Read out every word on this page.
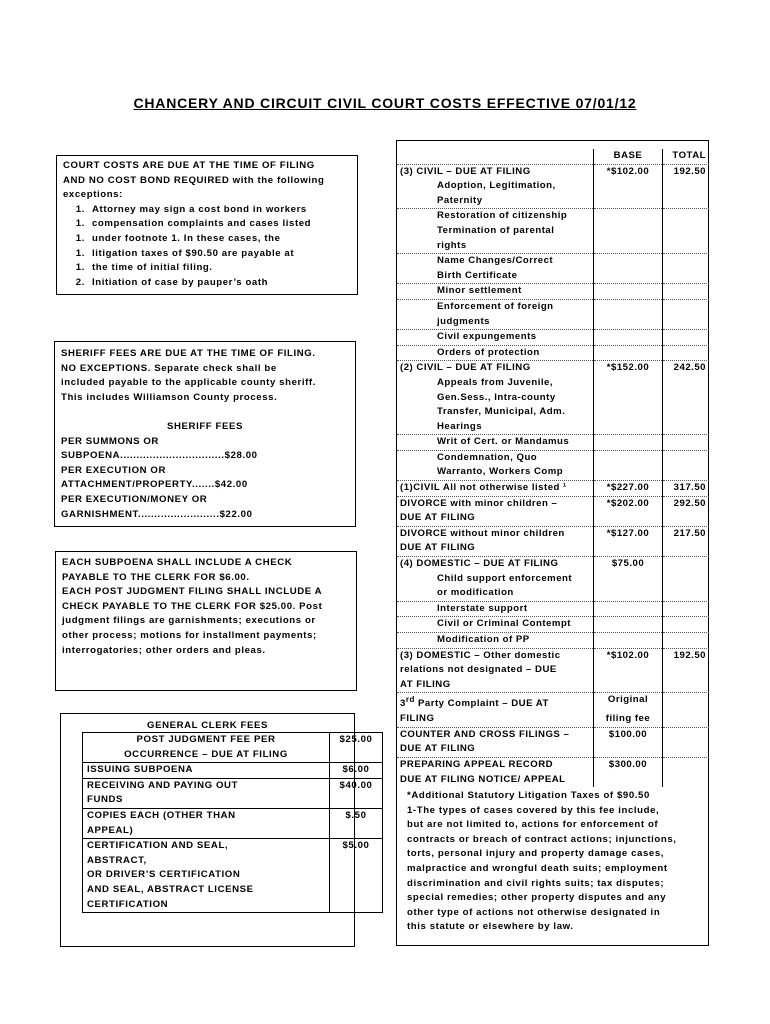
CHANCERY AND CIRCUIT CIVIL COURT COSTS EFFECTIVE 07/01/12

COURT COSTS ARE DUE AT THE TIME OF FILING

AND NO COST BOND REQUIRED with the following

exceptions:

1. Attorney may sign a cost bond in workers
1. compensation complaints and cases listed
1. under footnote 1. In these cases, the
1. litigation taxes of $90.50 are payable at
1. the time of initial filing.
2. Initiation of case by pauper’s oath

SHERIFF FEES ARE DUE AT THE TIME OF FILING.

NO EXCEPTIONS. Separate check shall be

included payable to the applicable county sheriff.

This includes Williamson County process.

SHERIFF FEES

PER SUMMONS OR

SUBPOENA................................$28.00

PER EXECUTION OR

ATTACHMENT/PROPERTY.......$42.00

PER EXECUTION/MONEY OR

GARNISHMENT.........................$22.00

EACH SUBPOENA SHALL INCLUDE A CHECK

PAYABLE TO THE CLERK FOR $6.00.

EACH POST JUDGMENT FILING SHALL INCLUDE A

CHECK PAYABLE TO THE CLERK FOR $25.00. Post

judgment filings are garnishments; executions or

other process; motions for installment payments;

interrogatories; other orders and pleas.

GENERAL CLERK FEES
POST JUDGMENT FEE PER
OCCURRENCE – DUE AT FILING	$25.00

ISSUING SUBPOENA	$6.00

RECEIVING AND PAYING OUT
FUNDS	$40.00

COPIES EACH (OTHER THAN
APPEAL)	$.50

CERTIFICATION AND SEAL,
ABSTRACT,
OR DRIVER’S CERTIFICATION
AND SEAL, ABSTRACT LICENSE
CERTIFICATION	$5.00
	BASE	TOTAL
(3) CIVIL – DUE AT FILING	*$102.00	192.50
Adoption, Legitimation,		
Paternity		
Restoration of citizenship		
Termination of parental		
rights		
Name Changes/Correct		
Birth Certificate		
Minor settlement		
Enforcement of foreign		
judgments		
Civil expungements		
Orders of protection		
(2) CIVIL – DUE AT FILING	*$152.00	242.50
Appeals from Juvenile,		
Gen.Sess., Intra-county		
Transfer, Municipal, Adm.		
Hearings		
Writ of Cert. or Mandamus		
Condemnation, Quo		
Warranto, Workers Comp		
(1)CIVIL All not otherwise listed ¹	*$227.00	317.50
DIVORCE with minor children –	*$202.00	292.50
DUE AT FILING		
DIVORCE without minor children	*$127.00	217.50
DUE AT FILING		
(4) DOMESTIC – DUE AT FILING	$75.00	
Child support enforcement		
or modification		
Interstate support		
Civil or Criminal Contempt		
Modification of PP		
(3) DOMESTIC – Other domestic	*$102.00	192.50
relations not designated – DUE		
AT FILING		
3rd Party Complaint – DUE AT	Original	
FILING	filing fee	
COUNTER AND CROSS FILINGS –	$100.00	
DUE AT FILING		
PREPARING APPEAL RECORD	$300.00	
DUE AT FILING NOTICE/ APPEAL		
*Additional Statutory Litigation Taxes of $90.50
1-The types of cases covered by this fee include,
but are not limited to, actions for enforcement of
contracts or breach of contract actions; injunctions,
torts, personal injury and property damage cases,
malpractice and wrongful death suits; employment
discrimination and civil rights suits; tax disputes;
special remedies; other property disputes and any
other type of actions not otherwise designated in
this statute or elsewhere by law.
